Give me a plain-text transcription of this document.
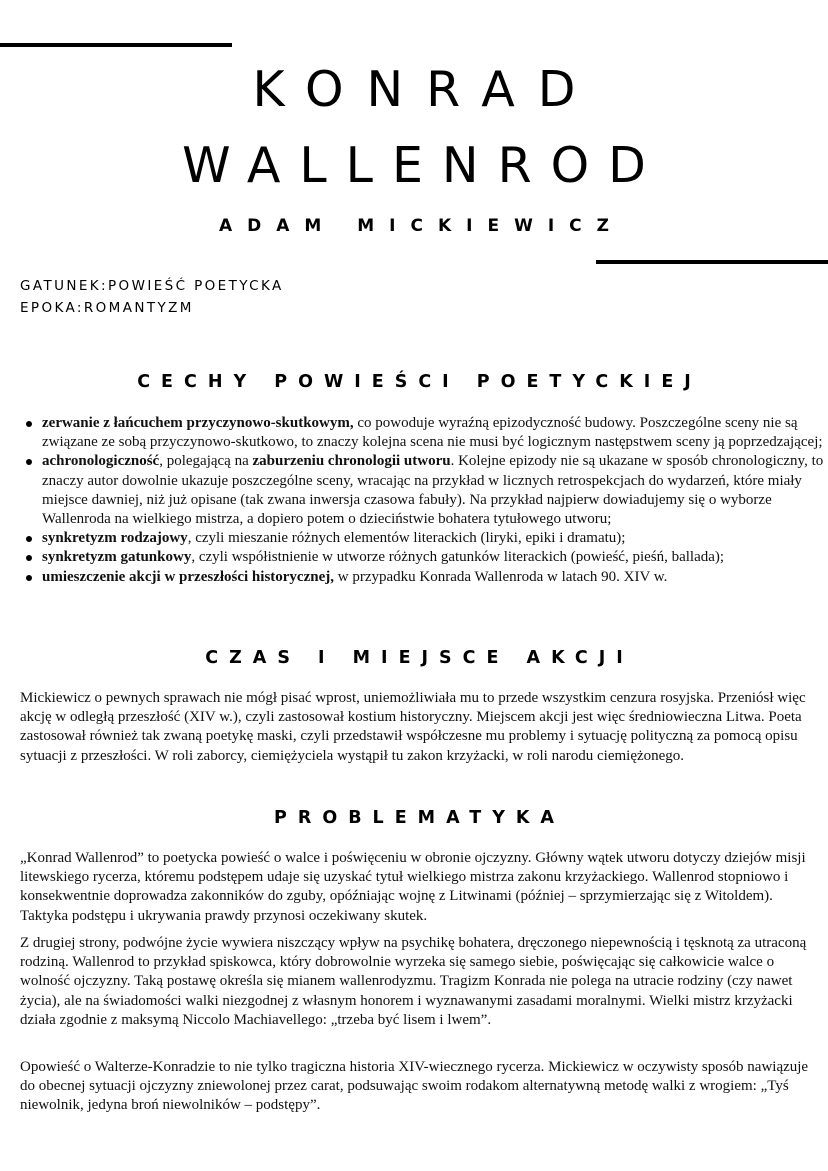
KONRAD
WALLENROD
ADAM MICKIEWICZ
GATUNEK:POWIEŚĆ POETYCKA
EPOKA:ROMANTYZM
CECHY POWIEŚCI POETYCKIEJ
zerwanie z łańcuchem przyczynowo-skutkowym, co powoduje wyraźną epizodyczność budowy. Poszczególne sceny nie są związane ze sobą przyczynowo-skutkowo, to znaczy kolejna scena nie musi być logicznym następstwem sceny ją poprzedzającej;
achronologiczność, polegającą na zaburzeniu chronologii utworu. Kolejne epizody nie są ukazane w sposób chronologiczny, to znaczy autor dowolnie ukazuje poszczególne sceny, wracając na przykład w licznych retrospekcjach do wydarzeń, które miały miejsce dawniej, niż już opisane (tak zwana inwersja czasowa fabuły). Na przykład najpierw dowiadujemy się o wyborze Wallenroda na wielkiego mistrza, a dopiero potem o dzieciństwie bohatera tytułowego utworu;
synkretyzm rodzajowy, czyli mieszanie różnych elementów literackich (liryki, epiki i dramatu);
synkretyzm gatunkowy, czyli współistnienie w utworze różnych gatunków literackich (powieść, pieśń, ballada);
umieszczenie akcji w przeszłości historycznej, w przypadku Konrada Wallenroda w latach 90. XIV w.
CZAS I MIEJSCE AKCJI

Mickiewicz o pewnych sprawach nie mógł pisać wprost, uniemożliwiała mu to przede wszystkim cenzura rosyjska. Przeniósł więc akcję w odległą przeszłość (XIV w.), czyli zastosował kostium historyczny. Miejscem akcji jest więc średniowieczna Litwa. Poeta zastosował również tak zwaną poetykę maski, czyli przedstawił współczesne mu problemy i sytuację polityczną za pomocą opisu sytuacji z przeszłości. W roli zaborcy, ciemiężyciela wystąpił tu zakon krzyżacki, w roli narodu ciemiężonego.

PROBLEMATYKA

„Konrad Wallenrod” to poetycka powieść o walce i poświęceniu w obronie ojczyzny. Główny wątek utworu dotyczy dziejów misji litewskiego rycerza, któremu podstępem udaje się uzyskać tytuł wielkiego mistrza zakonu krzyżackiego. Wallenrod stopniowo i konsekwentnie doprowadza zakonników do zguby, opóźniając wojnę z Litwinami (później – sprzymierzając się z Witoldem). Taktyka podstępu i ukrywania prawdy przynosi oczekiwany skutek.

Z drugiej strony, podwójne życie wywiera niszczący wpływ na psychikę bohatera, dręczonego niepewnością i tęsknotą za utraconą rodziną. Wallenrod to przykład spiskowca, który dobrowolnie wyrzeka się samego siebie, poświęcając się całkowicie walce o wolność ojczyzny. Taką postawę określa się mianem wallenrodyzmu. Tragizm Konrada nie polega na utracie rodziny (czy nawet życia), ale na świadomości walki niezgodnej z własnym honorem i wyznawanymi zasadami moralnymi. Wielki mistrz krzyżacki działa zgodnie z maksymą Niccolo Machiavellego: „trzeba być lisem i lwem”.

Opowieść o Walterze-Konradzie to nie tylko tragiczna historia XIV-wiecznego rycerza. Mickiewicz w oczywisty sposób nawiązuje do obecnej sytuacji ojczyzny zniewolonej przez carat, podsuwając swoim rodakom alternatywną metodę walki z wrogiem: „Tyś niewolnik, jedyna broń niewolników – podstępy”.
